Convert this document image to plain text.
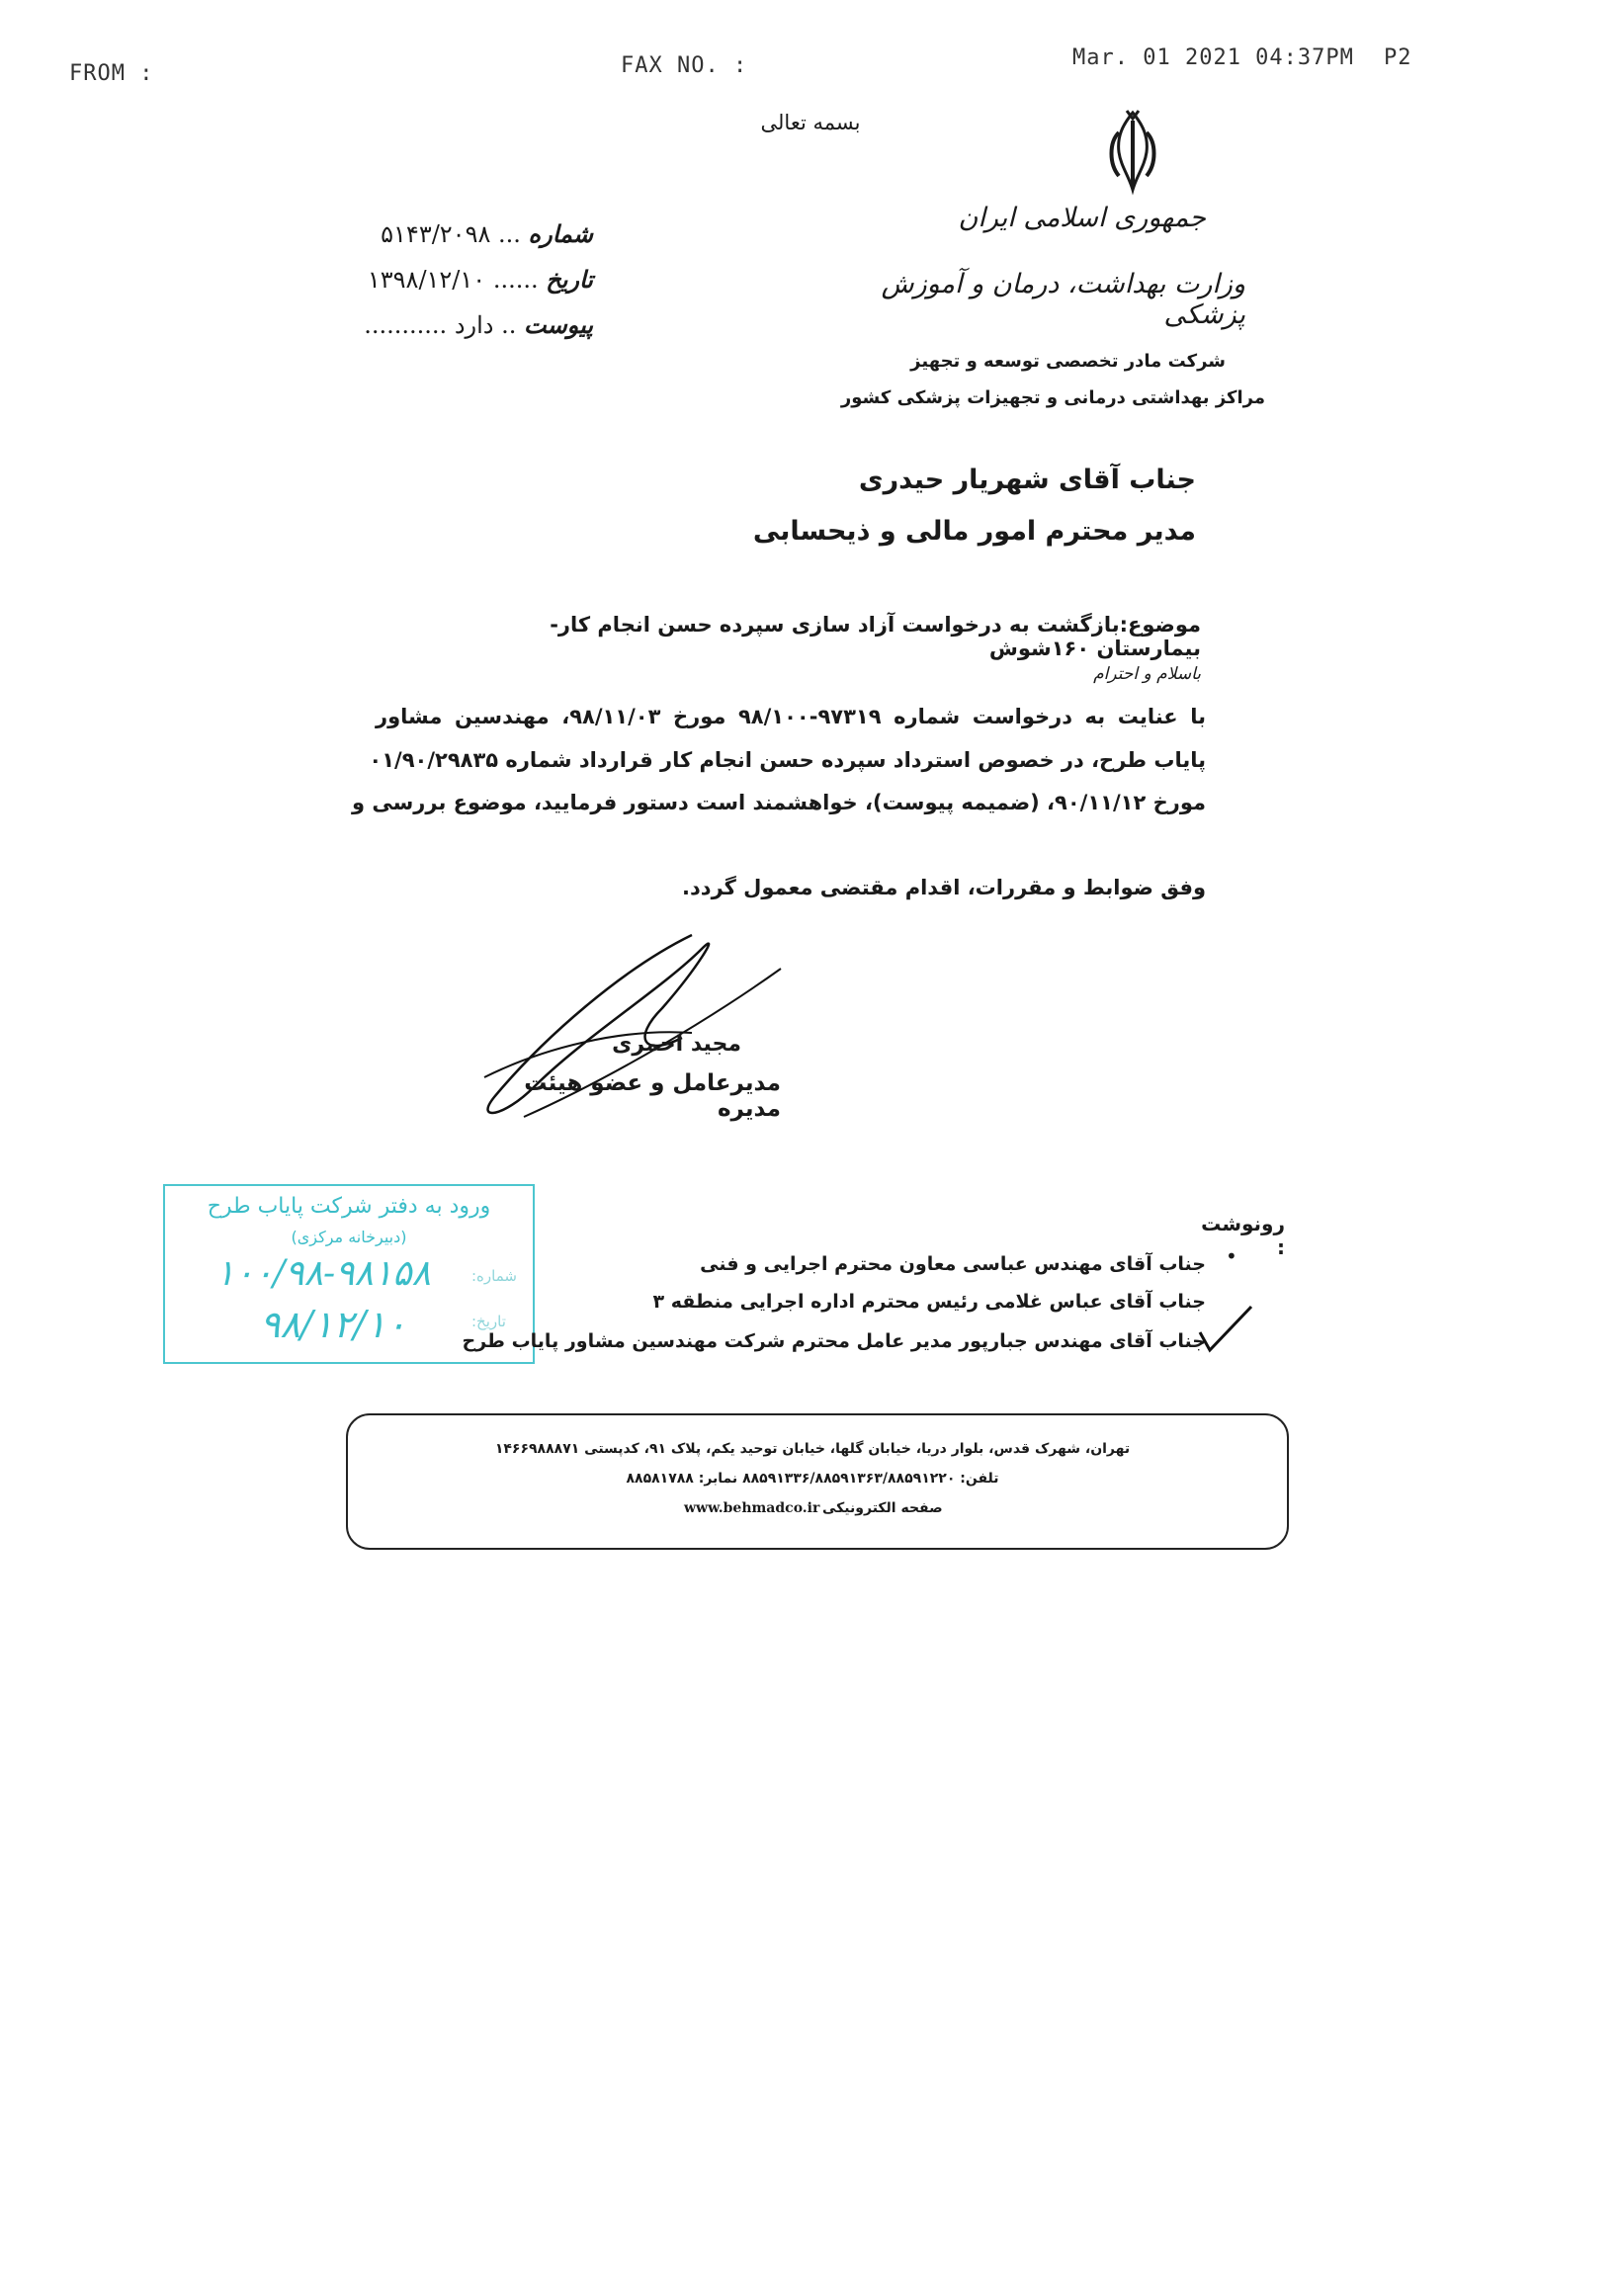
FROM :	FAX NO. :	Mar. 01 2021 04:37PM P2
بسمه تعالی
جمهوری اسلامی ایران
وزارت بهداشت، درمان و آموزش پزشکی
شرکت مادر تخصصی توسعه و تجهیز
مراکز بهداشتی درمانی و تجهیزات پزشکی کشور
شماره ... ۵۱۴۳/۲۰۹۸
تاریخ ...... ۱۳۹۸/۱۲/۱۰
پیوست .. دارد ...........
جناب آقای شهریار حیدری
مدیر محترم امور مالی و ذیحسابی
موضوع:بازگشت به درخواست آزاد سازی سپرده حسن انجام کار-بیمارستان ۱۶۰شوش
باسلام و احترام
با عنایت به درخواست شماره ۹۷۳۱۹-۹۸/۱۰۰ مورخ ۹۸/۱۱/۰۳، مهندسین مشاور
پایاب طرح، در خصوص استرداد سپرده حسن انجام کار قرارداد شماره ۰۱/۹۰/۲۹۸۳۵
مورخ ۹۰/۱۱/۱۲، (ضمیمه پیوست)، خواهشمند است دستور فرمایید، موضوع بررسی و
وفق ضوابط و مقررات، اقدام مقتضی معمول گردد.
مجید احمری
مدیرعامل و عضو هیئت مدیره
ورود به دفتر شرکت پایاب طرح
(دبیرخانه مرکزی)
شماره:
۱۰۰/۹۸-۹۸۱۵۸
تاریخ:
۹۸/۱۲/۱۰
رونوشت :
•
جناب آقای مهندس عباسی معاون محترم اجرایی و فنی
جناب آقای عباس غلامی رئیس محترم اداره اجرایی منطقه ۳
جناب آقای مهندس جبارپور مدیر عامل محترم شرکت مهندسین مشاور پایاب طرح
تهران، شهرک قدس، بلوار دریا، خیابان گلها، خیابان توحید یکم، پلاک ۹۱، کدپستی ۱۴۶۶۹۸۸۸۷۱
تلفن: ۸۸۵۹۱۳۳۶/۸۸۵۹۱۳۶۳/۸۸۵۹۱۲۲۰ نمابر: ۸۸۵۸۱۷۸۸
صفحه الکترونیکی
www.behmadco.ir
